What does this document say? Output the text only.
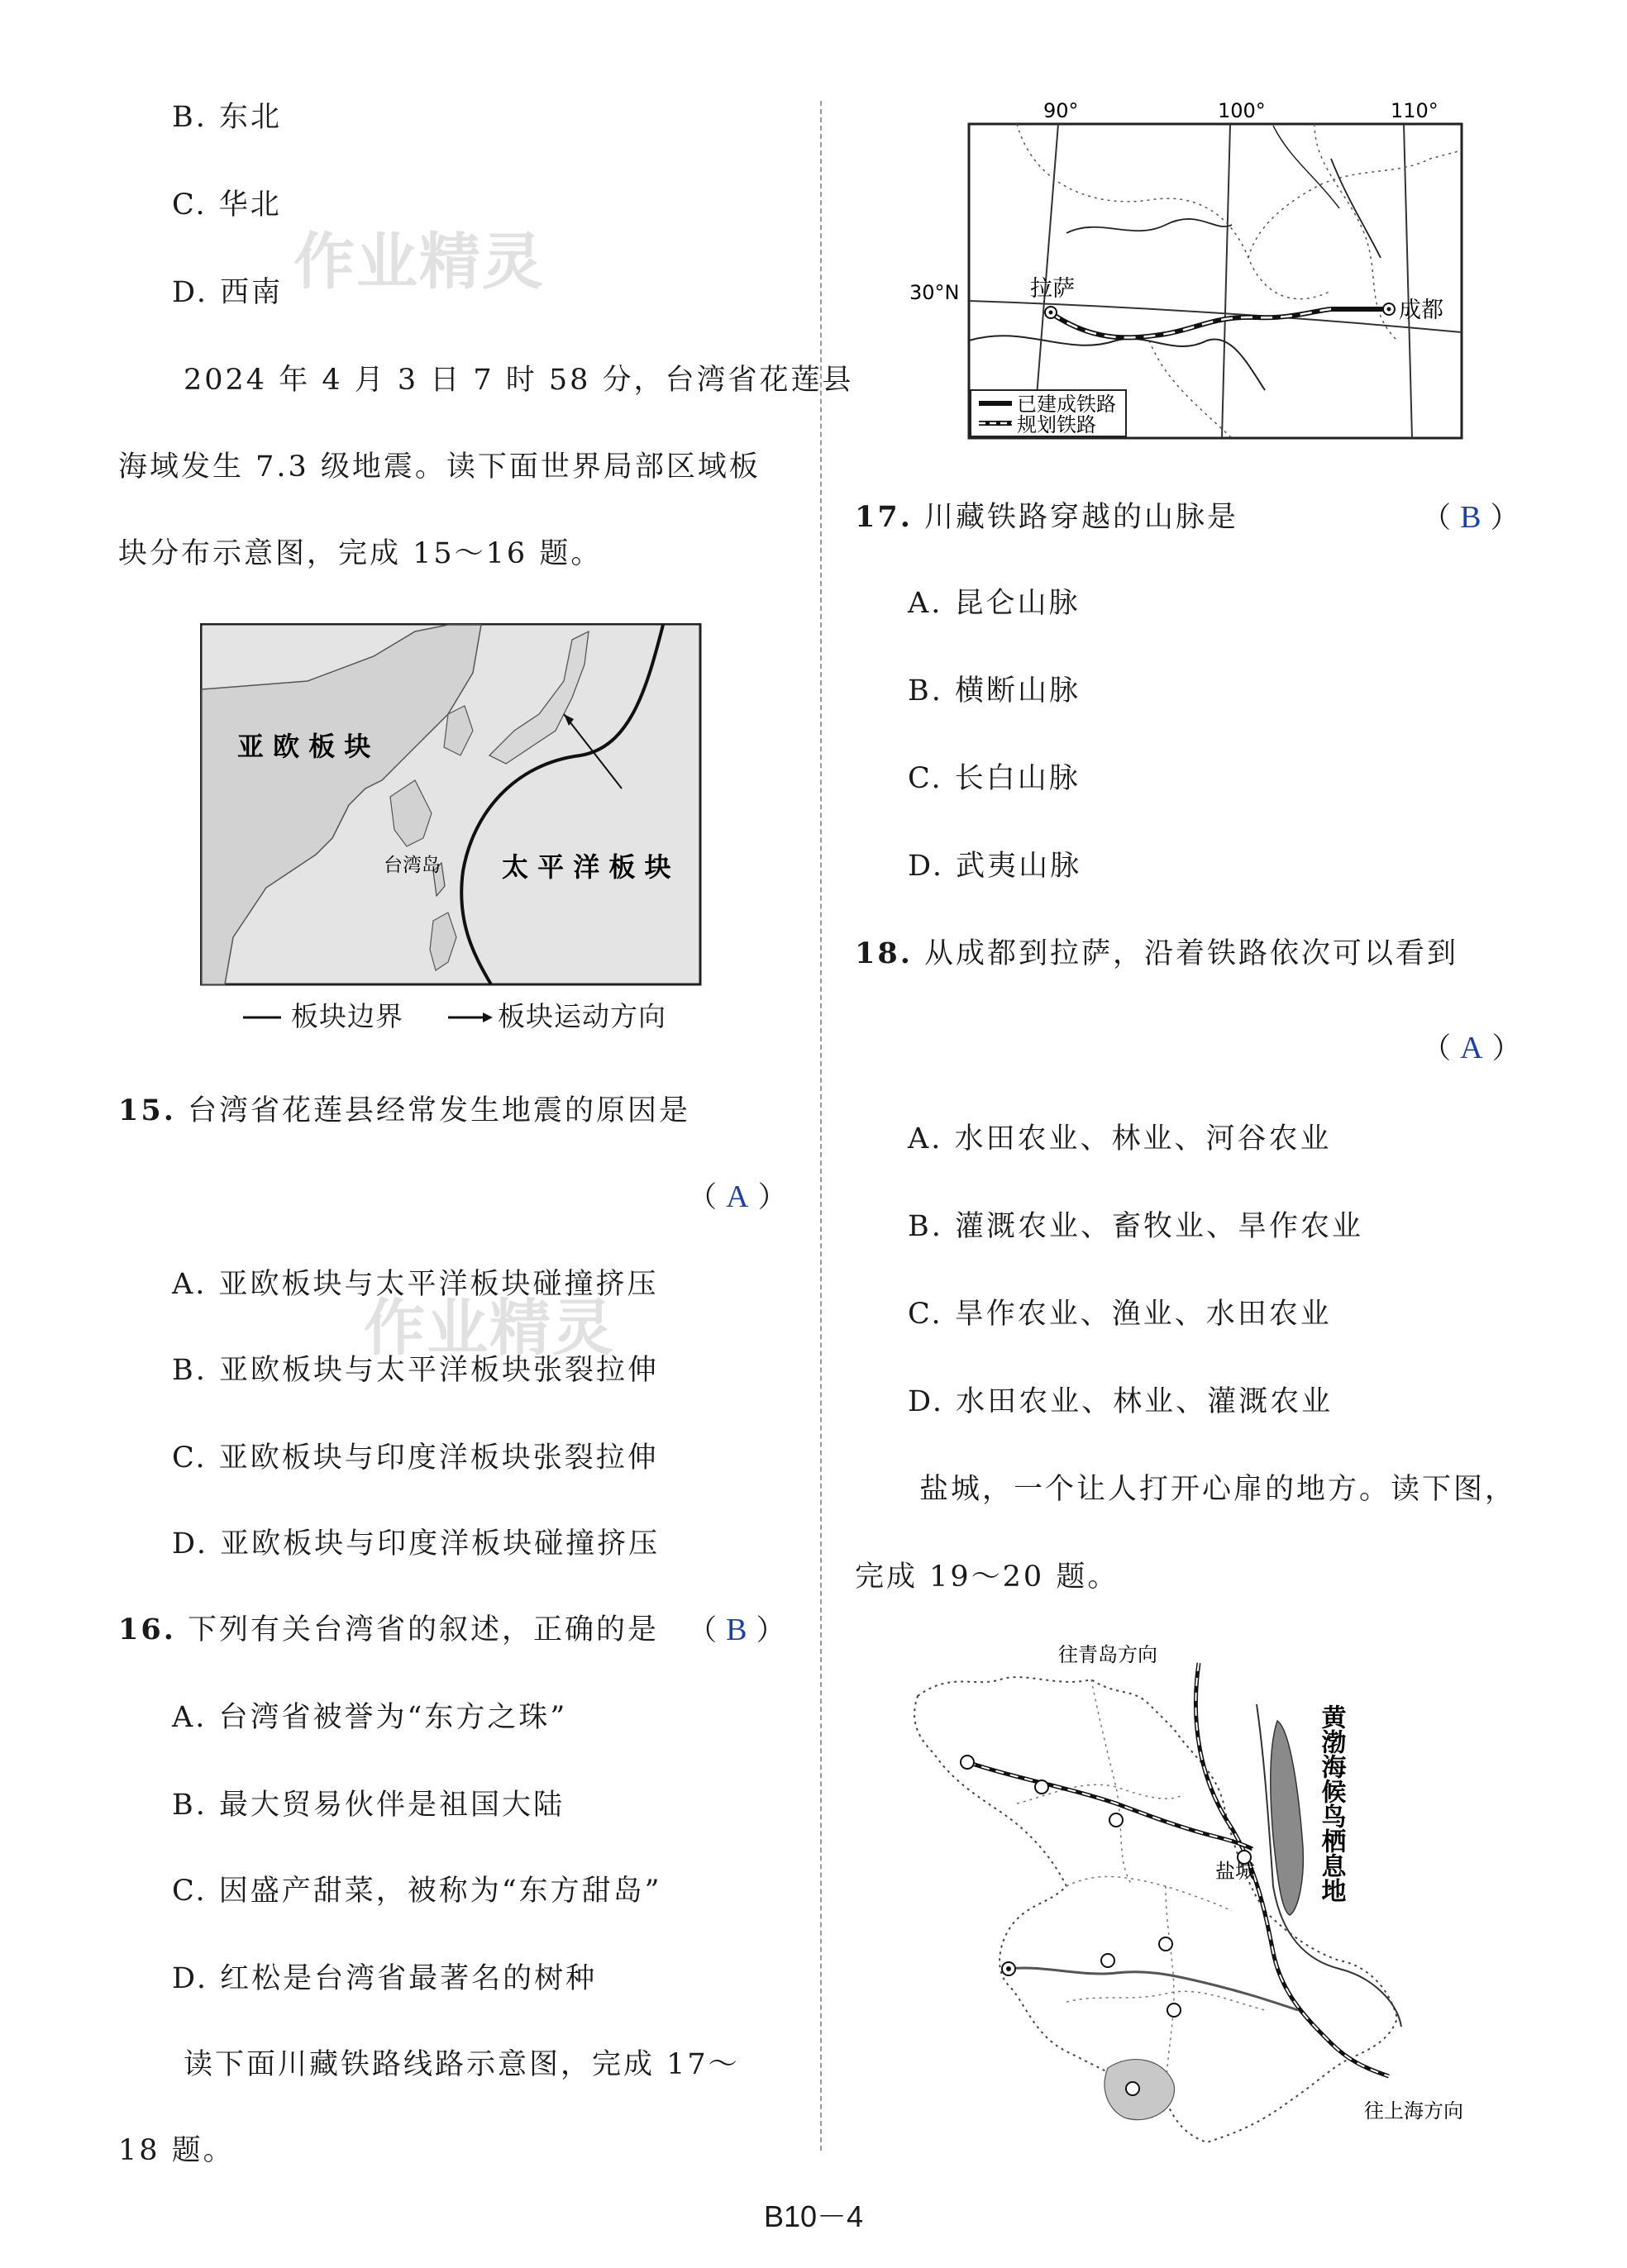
B. 东北
C. 华北
D. 西南 作业精灵
2024 年 4 月 3 日 7 时 58 分，台湾省花莲县
海域发生 7.3 级地震。读下面世界局部区域板
块分布示意图，完成 15～16 题。
亚 欧 板 块
台湾岛 太 平 洋 板 块
板块边界	板块运动方向
15. 台湾省花莲县经常发生地震的原因是
（ A ）
A. 亚欧板块与太平洋板块碰撞挤压
B. 亚欧板块与太平洋板块张裂拉伸
C. 亚欧板块与印度洋板块张裂拉伸
D. 亚欧板块与印度洋板块碰撞挤压
作业精灵
16. 下列有关台湾省的叙述，正确的是 （ B ）
A. 台湾省被誉为“东方之珠”
B. 最大贸易伙伴是祖国大陆
C. 因盛产甜菜，被称为“东方甜岛”
D. 红松是台湾省最著名的树种
读下面川藏铁路线路示意图，完成 17～
18 题。
已建成铁路
规划铁路
90°	100°	110°
30°N	拉萨
成都
17. 川藏铁路穿越的山脉是	（ B ）
A. 昆仑山脉
B. 横断山脉
C. 长白山脉
D. 武夷山脉
18. 从成都到拉萨，沿着铁路依次可以看到
（ A ）
A. 水田农业、林业、河谷农业
B. 灌溉农业、畜牧业、旱作农业
C. 旱作农业、渔业、水田农业
D. 水田农业、林业、灌溉农业
盐城，一个让人打开心扉的地方。读下图，
完成 19～20 题。
往青岛方向
盐城
往上海方向
黄渤海候鸟栖息地
B10－4
